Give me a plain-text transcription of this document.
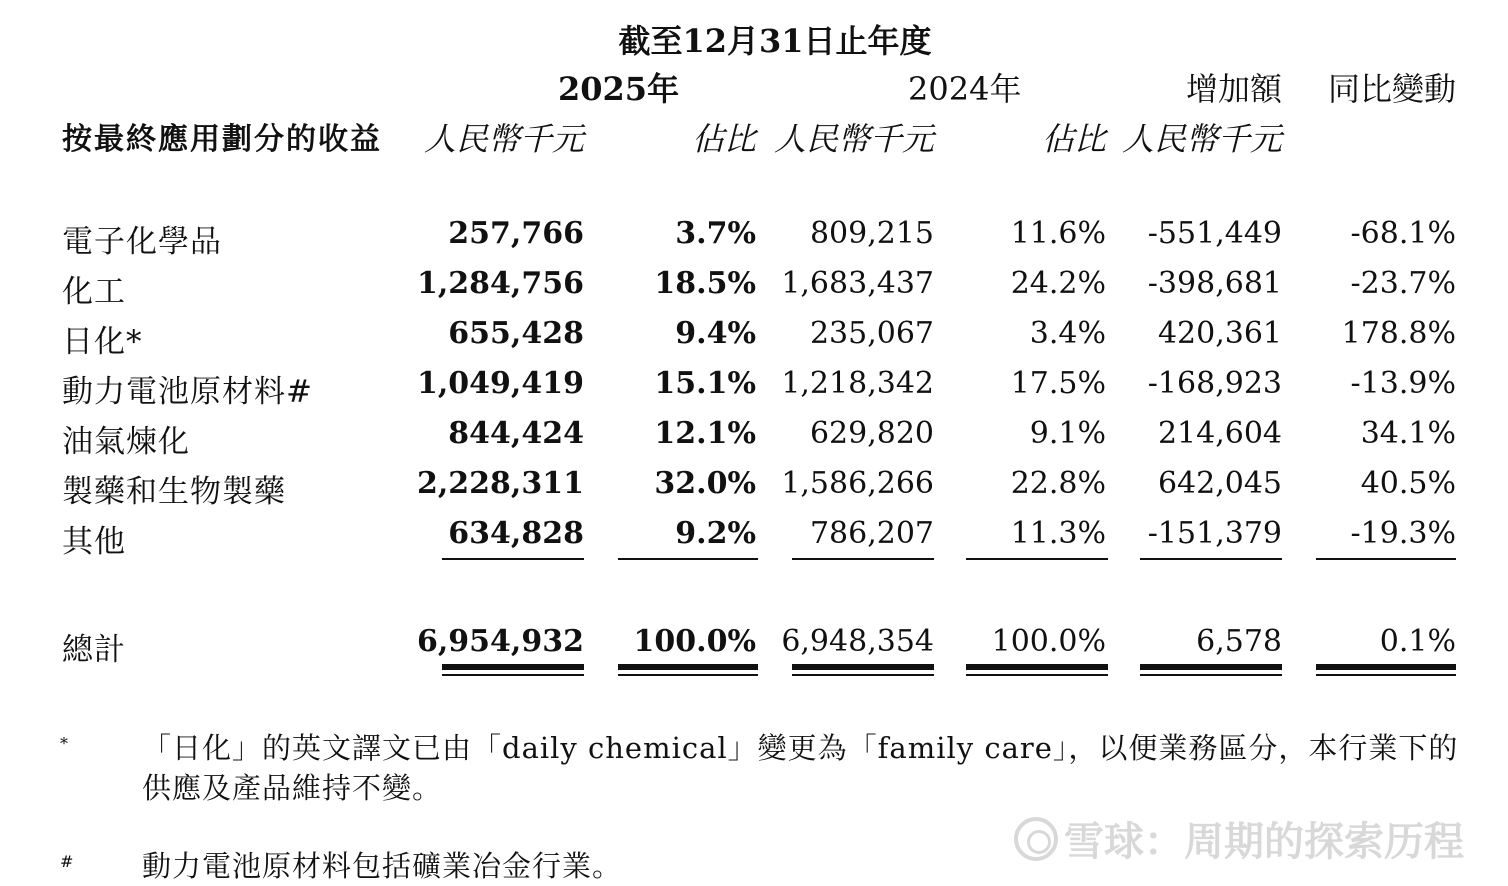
截至12月31日止年度
2025年	2024年	增加額	同比變動
按最終應用劃分的收益	人民幣千元	佔比 人民幣千元	佔比 人民幣千元
電子化學品	257,766	3.7%	809,215	11.6%	-551,449	-68.1%
化工	1,284,756	18.5% 1,683,437	24.2%	-398,681	-23.7%
日化*	655,428	9.4%	235,067	3.4%	420,361	178.8%
動力電池原材料#	1,049,419	15.1% 1,218,342	17.5%	-168,923	-13.9%
油氣煉化	844,424	12.1%	629,820	9.1%	214,604	34.1%
製藥和生物製藥	2,228,311	32.0% 1,586,266	22.8%	642,045	40.5%
其他	634,828	9.2%	786,207	11.3%	-151,379	-19.3%
總計	6,954,932	100.0% 6,948,354	100.0%	6,578	0.1%
*	「日化」的英文譯文已由「daily chemical」變更為「family care」，以便業務區分，本行業下的供應及產品維持不變。
# 動力電池原材料包括礦業冶金行業。
雪球：周期的探索历程
